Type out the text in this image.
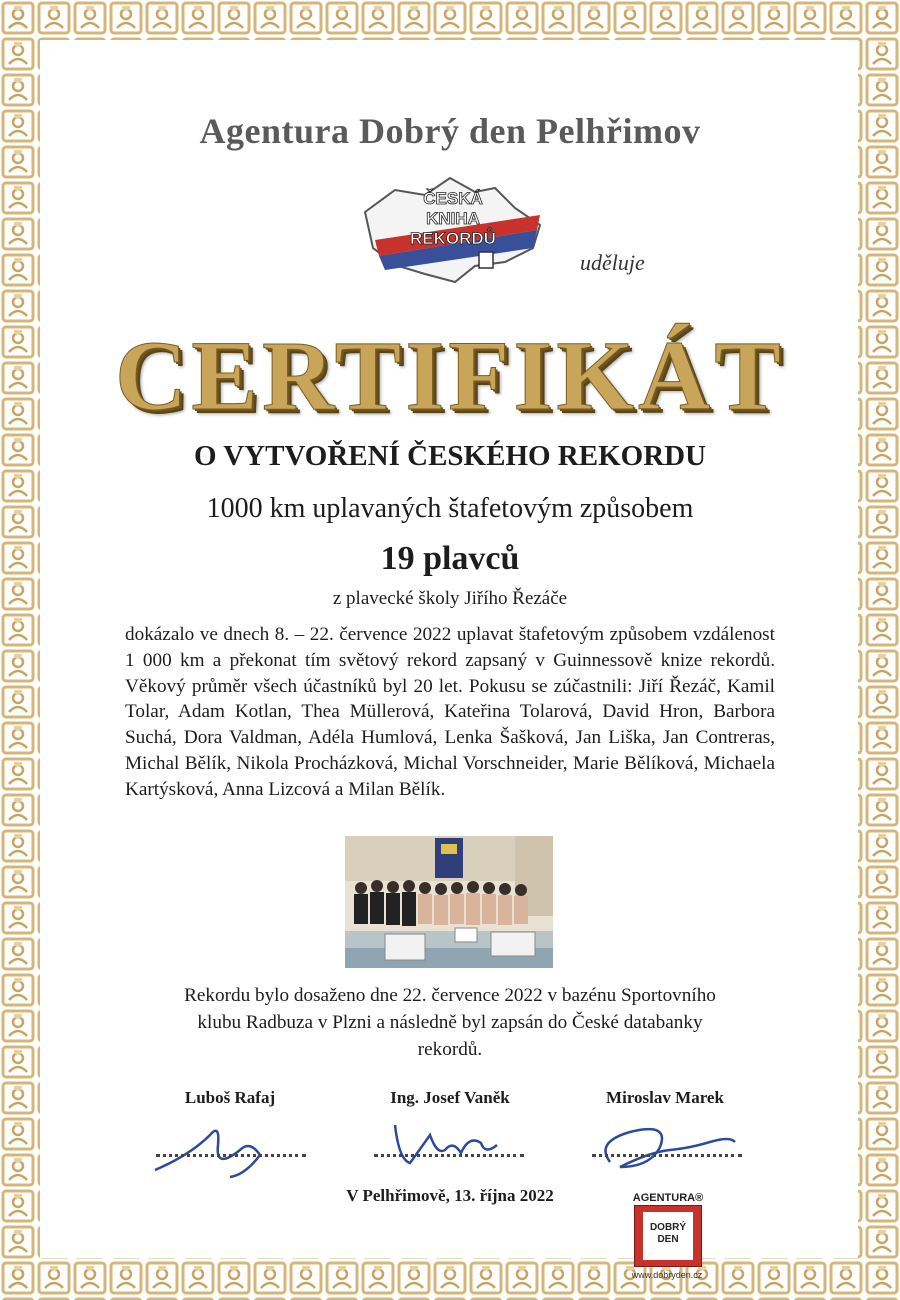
Agentura Dobrý den Pelhřimov
ČESKÁ
KNIHA
REKORDŮ
uděluje
CERTIFIKÁT
O VYTVOŘENÍ ČESKÉHO REKORDU
1000 km uplavaných štafetovým způsobem
19 plavců
z plavecké školy Jiřího Řezáče
dokázalo ve dnech 8. – 22. července 2022 uplavat štafetovým způsobem vzdálenost 1 000 km a překonat tím světový rekord zapsaný v Guinnessově knize rekordů. Věkový průměr všech účastníků byl 20 let. Pokusu se zúčastnili: Jiří Řezáč, Kamil Tolar, Adam Kotlan, Thea Müllerová, Kateřina Tolarová, David Hron, Barbora Suchá, Dora Valdman, Adéla Humlová, Lenka Šašková, Jan Liška, Jan Contreras, Michal Bělík, Nikola Procházková, Michal Vorschneider, Marie Bělíková, Michaela Kartýsková, Anna Lizcová a Milan Bělík.
Rekordu bylo dosaženo dne 22. července 2022 v bazénu Sportovního klubu Radbuza v Plzni a následně byl zapsán do České databanky rekordů.
Luboš Rafaj	Ing. Josef Vaněk	Miroslav Marek
V Pelhřimově, 13. října 2022	AGENTURA®
DOBRÝ DEN
www.dobryden.cz
